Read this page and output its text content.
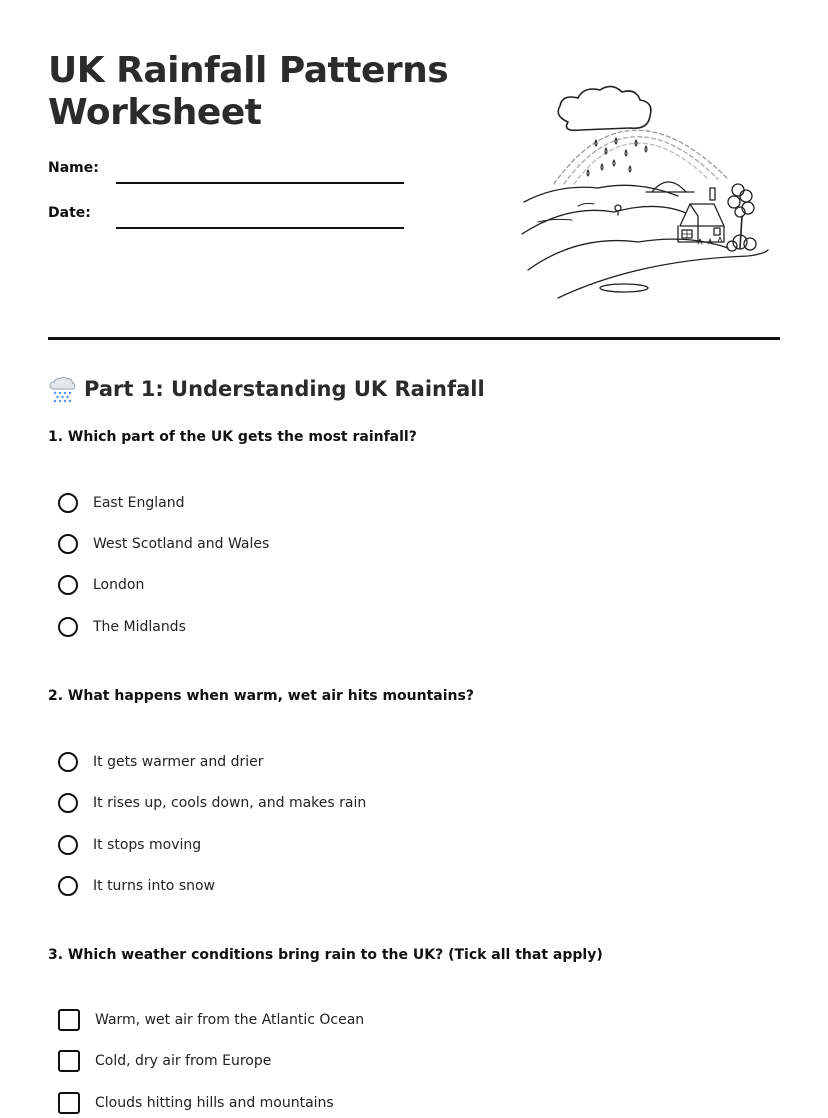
UK Rainfall Patterns
Worksheet
Name:
Date:
Part 1: Understanding UK Rainfall

1. Which part of the UK gets the most rainfall?

East England
West Scotland and Wales
London
The Midlands

2. What happens when warm, wet air hits mountains?

It gets warmer and drier
It rises up, cools down, and makes rain
It stops moving
It turns into snow

3. Which weather conditions bring rain to the UK? (Tick all that apply)

Warm, wet air from the Atlantic Ocean
Cold, dry air from Europe
Clouds hitting hills and mountains
